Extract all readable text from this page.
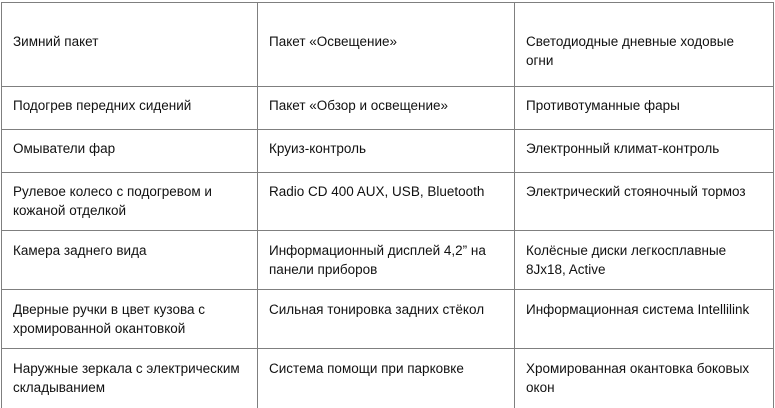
Зимний пакет	Пакет «Освещение»	Светодиодные дневные ходовые огни

Подогрев передних сидений	Пакет «Обзор и освещение»	Противотуманные фары

Омыватели фар	Круиз-контроль	Электронный климат-контроль

Рулевое колесо с подогревом и кожаной отделкой	Radio CD 400 AUX, USB, Bluetooth	Электрический стояночный тормоз

Камера заднего вида	Информационный дисплей 4,2” на панели приборов	Колёсные диски легкосплавные 8Jx18, Active

Дверные ручки в цвет кузова с хромированной окантовкой	Сильная тонировка задних стёкол	Информационная система Intellilink

Наружные зеркала с электрическим складыванием	Система помощи при парковке	Хромированная окантовка боковых окон
